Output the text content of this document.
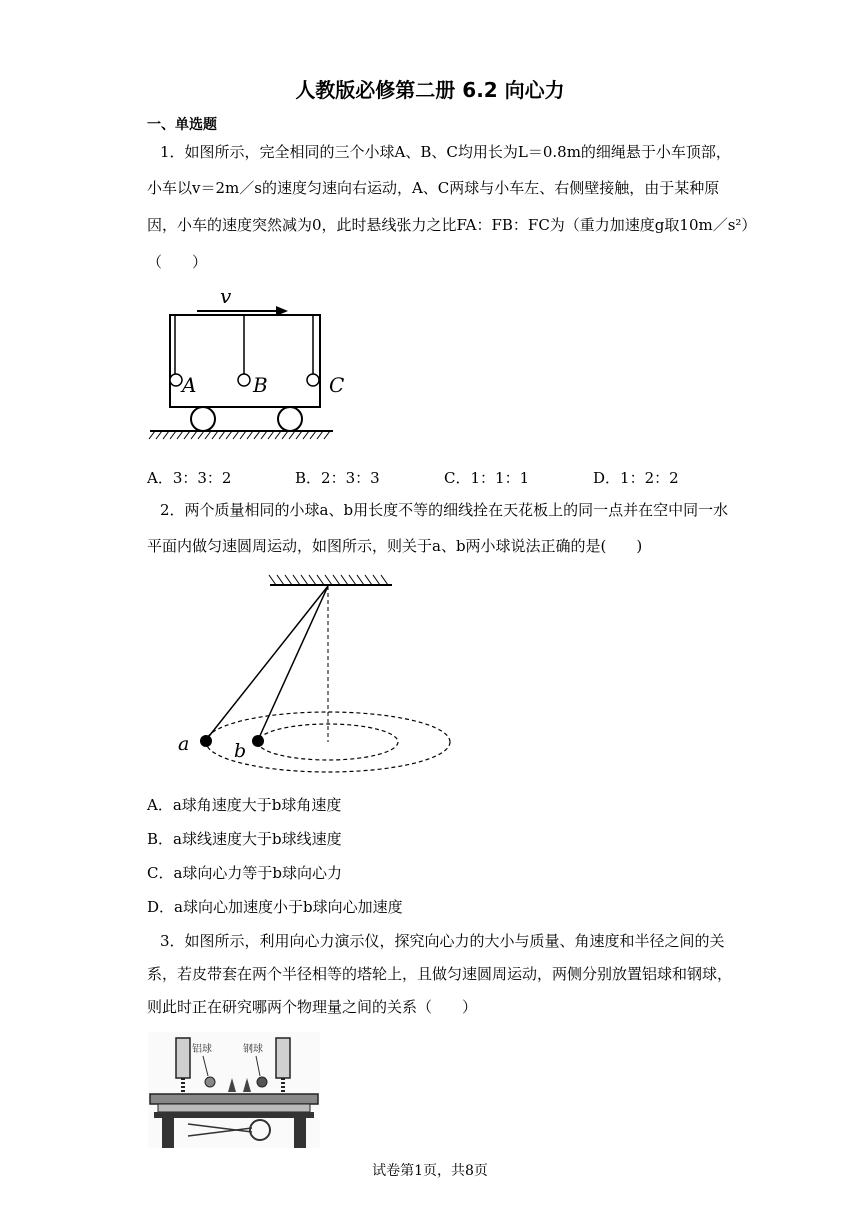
人教版必修第二册 6.2 向心力
一、单选题
1．如图所示，完全相同的三个小球A、B、C均用长为L＝0.8m的细绳悬于小车顶部，
小车以v＝2m／s的速度匀速向右运动，A、C两球与小车左、右侧壁接触，由于某种原
因，小车的速度突然减为0，此时悬线张力之比FA：FB：FC为（重力加速度g取10m／s²）
（　　）
v
A	B	C
A．3：3：2	B．2：3：3	C．1：1：1	D．1：2：2
2．两个质量相同的小球a、b用长度不等的细线拴在天花板上的同一点并在空中同一水
平面内做匀速圆周运动，如图所示，则关于a、b两小球说法正确的是(　　)
a b
A．a球角速度大于b球角速度
B．a球线速度大于b球线速度
C．a球向心力等于b球向心力
D．a球向心加速度小于b球向心加速度
3．如图所示，利用向心力演示仪，探究向心力的大小与质量、角速度和半径之间的关
系，若皮带套在两个半径相等的塔轮上，且做匀速圆周运动，两侧分别放置铝球和钢球，
则此时正在研究哪两个物理量之间的关系（　　）
铝球	钢球
试卷第1页，共8页
